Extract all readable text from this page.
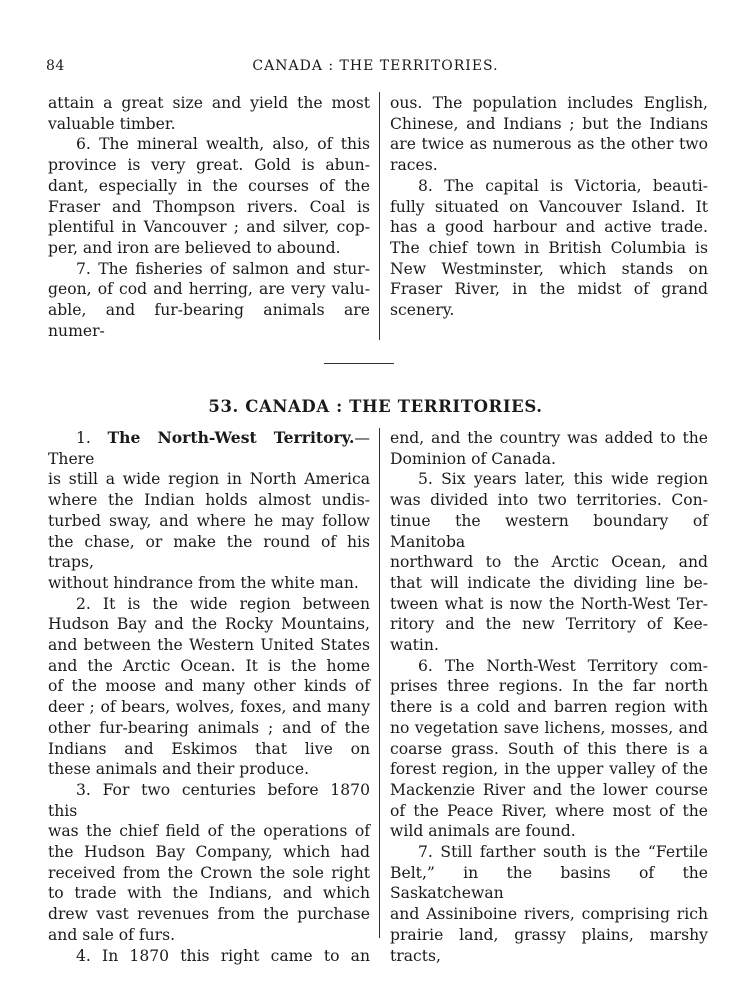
84	CANADA : THE TERRITORIES.

attain a great size and yield the most

valuable timber.

6. The mineral wealth, also, of this

province is very great. Gold is abun-

dant, especially in the courses of the

Fraser and Thompson rivers. Coal is

plentiful in Vancouver ; and silver, cop-

per, and iron are believed to abound.

7. The fisheries of salmon and stur-

geon, of cod and herring, are very valu-

able, and fur-bearing animals are numer-

ous. The population includes English,

Chinese, and Indians ; but the Indians

are twice as numerous as the other two

races.

8. The capital is Victoria, beauti-

fully situated on Vancouver Island. It

has a good harbour and active trade.

The chief town in British Columbia is

New Westminster, which stands on

Fraser River, in the midst of grand

scenery.

53. CANADA : THE TERRITORIES.

1. The North-West Territory.—There

is still a wide region in North America

where the Indian holds almost undis-

turbed sway, and where he may follow

the chase, or make the round of his traps,

without hindrance from the white man.

2. It is the wide region between

Hudson Bay and the Rocky Mountains,

and between the Western United States

and the Arctic Ocean. It is the home

of the moose and many other kinds of

deer ; of bears, wolves, foxes, and many

other fur-bearing animals ; and of the

Indians and Eskimos that live on

these animals and their produce.

3. For two centuries before 1870 this

was the chief field of the operations of

the Hudson Bay Company, which had

received from the Crown the sole right

to trade with the Indians, and which

drew vast revenues from the purchase

and sale of furs.

4. In 1870 this right came to an

end, and the country was added to the

Dominion of Canada.

5. Six years later, this wide region

was divided into two territories. Con-

tinue the western boundary of Manitoba

northward to the Arctic Ocean, and

that will indicate the dividing line be-

tween what is now the North-West Ter-

ritory and the new Territory of Kee-

watin.

6. The North-West Territory com-

prises three regions. In the far north

there is a cold and barren region with

no vegetation save lichens, mosses, and

coarse grass. South of this there is a

forest region, in the upper valley of the

Mackenzie River and the lower course

of the Peace River, where most of the

wild animals are found.

7. Still farther south is the “Fertile

Belt,” in the basins of the Saskatchewan

and Assiniboine rivers, comprising rich

prairie land, grassy plains, marshy tracts,
